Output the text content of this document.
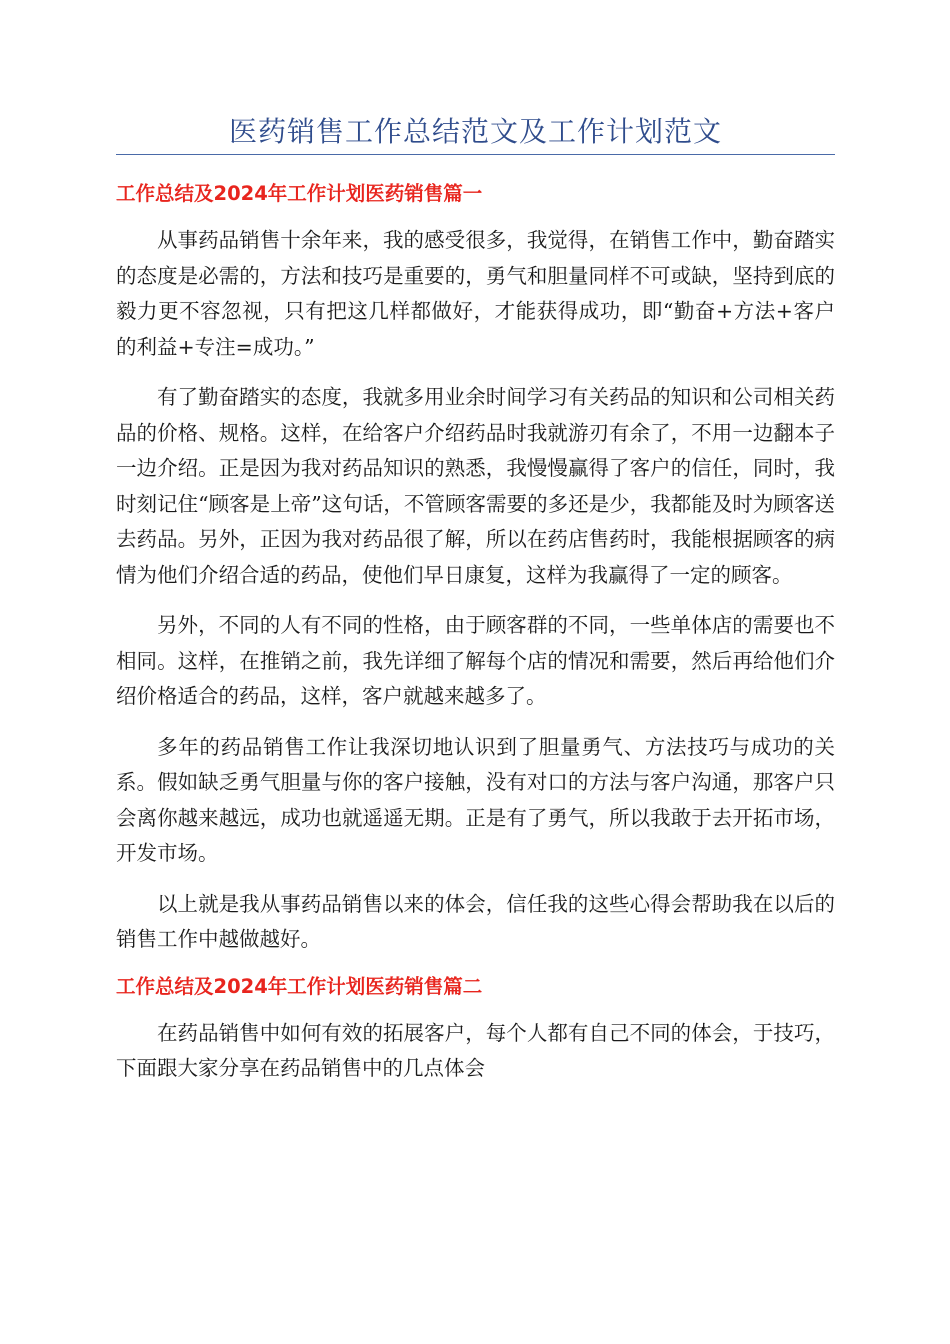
医药销售工作总结范文及工作计划范文
工作总结及2024年工作计划医药销售篇一

从事药品销售十余年来，我的感受很多，我觉得，在销售工作中，勤奋踏实的态度是必需的，方法和技巧是重要的，勇气和胆量同样不可或缺，坚持到底的毅力更不容忽视，只有把这几样都做好，才能获得成功，即“勤奋+方法+客户的利益+专注=成功。”

有了勤奋踏实的态度，我就多用业余时间学习有关药品的知识和公司相关药品的价格、规格。这样，在给客户介绍药品时我就游刃有余了，不用一边翻本子一边介绍。正是因为我对药品知识的熟悉，我慢慢赢得了客户的信任，同时，我时刻记住“顾客是上帝”这句话，不管顾客需要的多还是少，我都能及时为顾客送去药品。另外，正因为我对药品很了解，所以在药店售药时，我能根据顾客的病情为他们介绍合适的药品，使他们早日康复，这样为我赢得了一定的顾客。

另外，不同的人有不同的性格，由于顾客群的不同，一些单体店的需要也不相同。这样，在推销之前，我先详细了解每个店的情况和需要，然后再给他们介绍价格适合的药品，这样，客户就越来越多了。

多年的药品销售工作让我深切地认识到了胆量勇气、方法技巧与成功的关系。假如缺乏勇气胆量与你的客户接触，没有对口的方法与客户沟通，那客户只会离你越来越远，成功也就遥遥无期。正是有了勇气，所以我敢于去开拓市场，开发市场。

以上就是我从事药品销售以来的体会，信任我的这些心得会帮助我在以后的销售工作中越做越好。

工作总结及2024年工作计划医药销售篇二

在药品销售中如何有效的拓展客户，每个人都有自己不同的体会，于技巧，下面跟大家分享在药品销售中的几点体会
